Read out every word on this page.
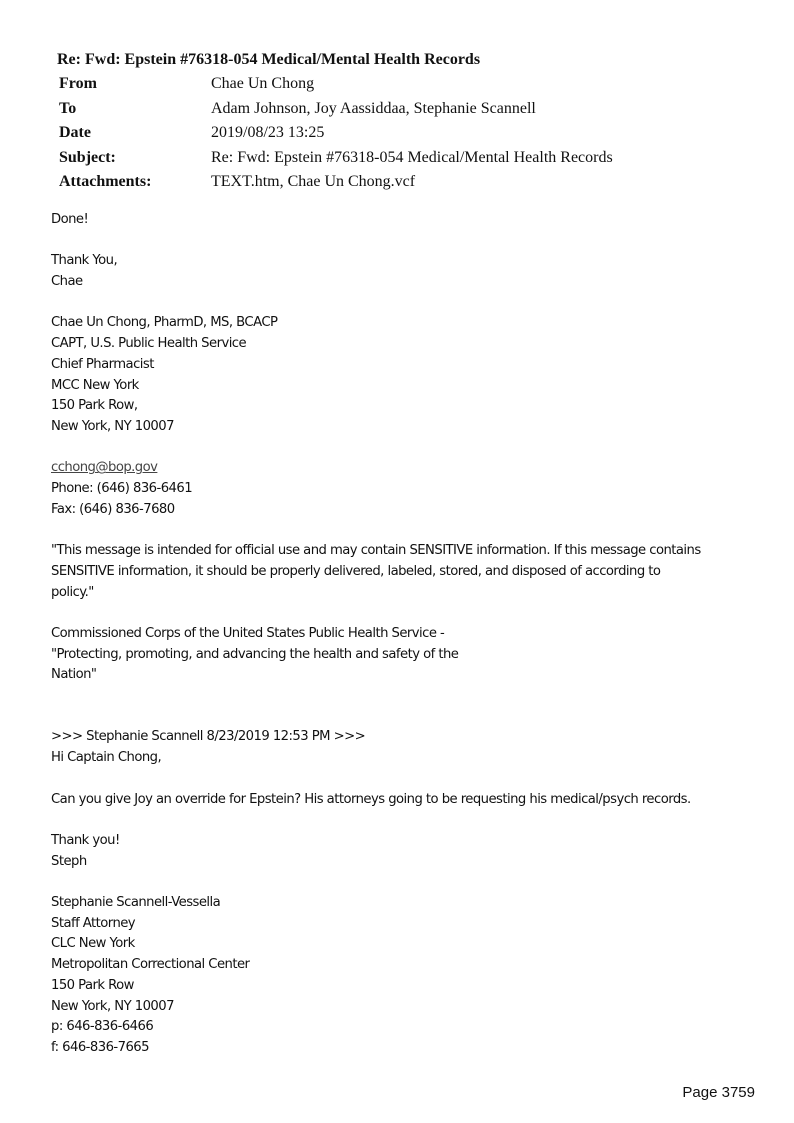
Re: Fwd: Epstein #76318-054 Medical/Mental Health Records
From	Chae Un Chong
To	Adam Johnson, Joy Aassiddaa, Stephanie Scannell
Date	2019/08/23 13:25
Subject:	Re: Fwd: Epstein #76318-054 Medical/Mental Health Records
Attachments:	TEXT.htm, Chae Un Chong.vcf
Done!
Thank You,
Chae
Chae Un Chong, PharmD, MS, BCACP
CAPT, U.S. Public Health Service
Chief Pharmacist
MCC New York
150 Park Row,
New York, NY 10007
cchong@bop.gov
Phone: (646) 836-6461
Fax: (646) 836-7680
"This message is intended for official use and may contain SENSITIVE information. If this message contains
SENSITIVE information, it should be properly delivered, labeled, stored, and disposed of according to
policy."
Commissioned Corps of the United States Public Health Service -
"Protecting, promoting, and advancing the health and safety of the
Nation"
>>> Stephanie Scannell 8/23/2019 12:53 PM >>>
Hi Captain Chong,
Can you give Joy an override for Epstein? His attorneys going to be requesting his medical/psych records.
Thank you!
Steph
Stephanie Scannell-Vessella
Staff Attorney
CLC New York
Metropolitan Correctional Center
150 Park Row
New York, NY 10007
p: 646-836-6466
f: 646-836-7665
Page 3759
